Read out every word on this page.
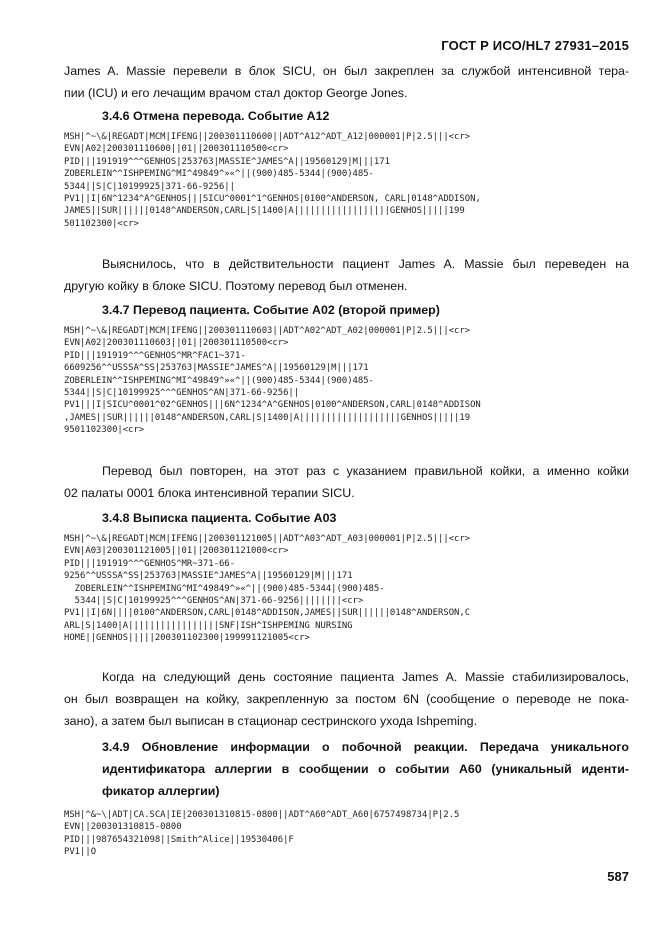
ГОСТ Р ИСО/HL7 27931–2015

James A. Massie перевели в блок SICU, он был закреплен за службой интенсивной тера-
пии (ICU) и его лечащим врачом стал доктор George Jones.

3.4.6 Отмена перевода. Событие A12
MSH|^~\&|REGADT|MCM|IFENG||200301110600||ADT^A12^ADT_A12|000001|P|2.5|||<cr>
EVN|A02|200301110600||01||200301110500<cr>
PID|||191919^^^GENHOS|253763|MASSIE^JAMES^A||19560129|M|||171
ZOBERLEIN^^ISHPEMING^MI^49849^»«^||(900)485-5344|(900)485-
5344||S|C|10199925|371-66-9256||
PV1||I|6N^1234^A^GENHOS|||SICU^0001^1^GENHOS|0100^ANDERSON, CARL|0148^ADDISON,
JAMES||SUR||||||0148^ANDERSON,CARL|S|1400|A||||||||||||||||||GENHOS|||||199
501102300|<cr>

Выяснилось, что в действительности пациент James A. Massie был переведен на
другую койку в блоке SICU. Поэтому перевод был отменен.

3.4.7 Перевод пациента. Событие A02 (второй пример)
MSH|^~\&|REGADT|MCM|IFENG||200301110603||ADT^A02^ADT_A02|000001|P|2.5|||<cr>
EVN|A02|200301110603||01||200301110500<cr>
PID|||191919^^^GENHOS^MR^FAC1~371-
6609256^^USSSA^SS|253763|MASSIE^JAMES^A||19560129|M|||171
ZOBERLEIN^^ISHPEMING^MI^49849^»«^||(900)485-5344|(900)485-
5344||S|C|10199925^^^GENHOS^AN|371-66-9256||
PV1|||I|SICU^0001^02^GENHOS|||6N^1234^A^GENHOS|0100^ANDERSON,CARL|0148^ADDISON
,JAMES||SUR||||||0148^ANDERSON,CARL|S|1400|A|||||||||||||||||||GENHOS|||||19
9501102300|<cr>

Перевод был повторен, на этот раз с указанием правильной койки, а именно койки
02 палаты 0001 блока интенсивной терапии SICU.

3.4.8 Выписка пациента. Событие A03
MSH|^~\&|REGADT|MCM|IFENG||200301121005||ADT^A03^ADT_A03|000001|P|2.5|||<cr>
EVN|A03|200301121005||01||200301121000<cr>
PID|||191919^^^GENHOS^MR~371-66-
9256^^USSSA^SS|253763|MASSIE^JAMES^A||19560129|M|||171
ZOBERLEIN^^ISHPEMING^MI^49849^»«^||(900)485-5344|(900)485-
5344||S|C|10199925^^^GENHOS^AN|371-66-9256||||||||<cr>
PV1||I|6N||||0100^ANDERSON,CARL|0148^ADDISON,JAMES||SUR||||||0148^ANDERSON,C
ARL|S|1400|A|||||||||||||||||SNF|ISH^ISHPEMING NURSING
HOME||GENHOS|||||200301102300|199991121005<cr>

Когда на следующий день состояние пациента James A. Massie стабилизировалось,
он был возвращен на койку, закрепленную за постом 6N (сообщение о переводе не пока-
зано), а затем был выписан в стационар сестринского ухода Ishpeming.

3.4.9 Обновление информации о побочной реакции. Передача уникального
идентификатора аллергии в сообщении о событии A60 (уникальный иденти-
фикатор аллергии)

MSH|^&~\|ADT|CA.SCA|IE|200301310815-0800||ADT^A60^ADT_A60|6757498734|P|2.5
EVN||200301310815-0800
PID|||987654321098||Smith^Alice||19530406|F
PV1||O
587
